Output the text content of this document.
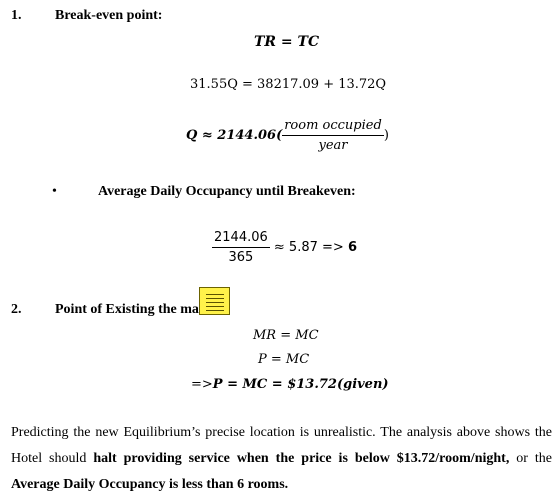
1. Break-even point:
TR = TC
31.55Q = 38217.09 + 13.72Q
$Q \approx 2144.06( \frac{\text{room occupied}}{\text{year}}$ )
•	Average Daily Occupancy until Breakeven:
$\frac{2144.06}{365} \approx 5.87 => 6$
2. Point of Existing the ma
MR = MC
P = MC
=>P = MC = $13.72(given)
Predicting the new Equilibrium’s precise location is unrealistic. The analysis above shows the Hotel should halt providing service when the price is below $13.72/room/night, or the Average Daily Occupancy is less than 6 rooms.
